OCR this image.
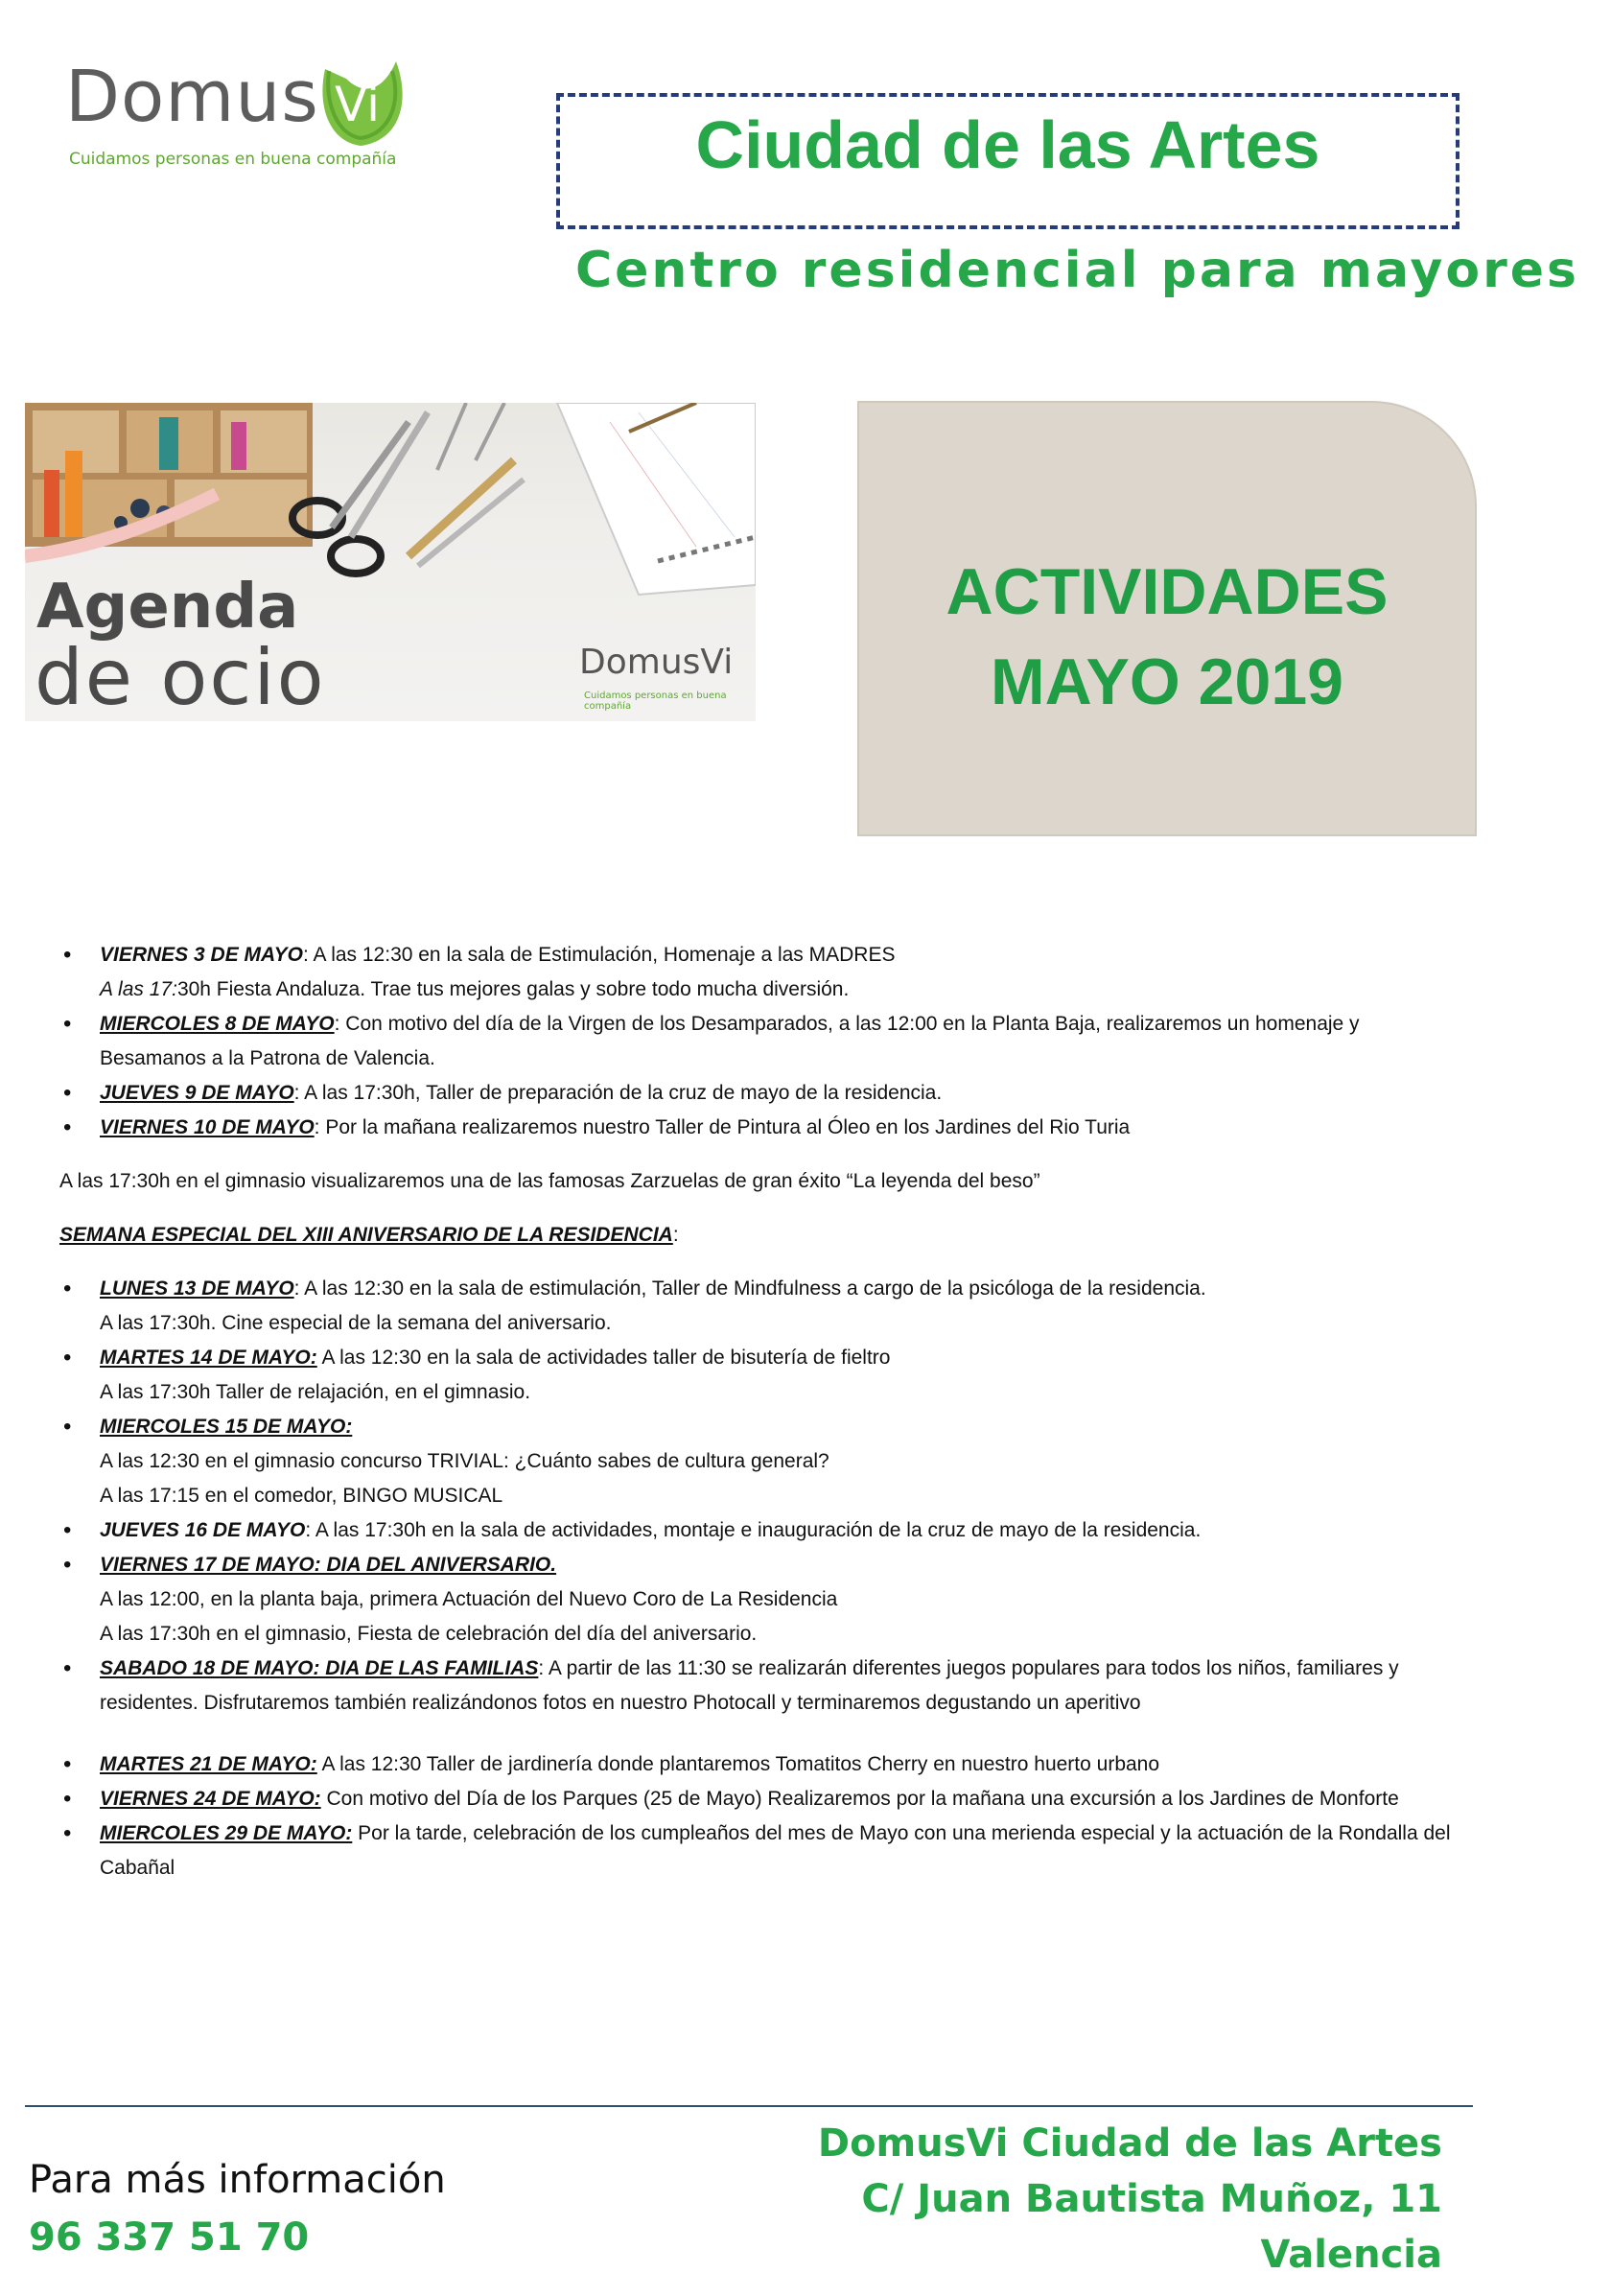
Domus Vi
Cuidamos personas en buena compañía	Ciudad de las Artes
Centro residencial para mayores
Agenda
de ocio	DomusVi
Cuidamos personas en buena compañía
ACTIVIDADES
MAYO 2019
• VIERNES 3 DE MAYO: A las 12:30 en la sala de Estimulación, Homenaje a las MADRES
A las 17:30h Fiesta Andaluza. Trae tus mejores galas y sobre todo mucha diversión.
• MIERCOLES 8 DE MAYO: Con motivo del día de la Virgen de los Desamparados, a las 12:00 en la Planta Baja, realizaremos un homenaje y Besamanos a la Patrona de Valencia.
• JUEVES 9 DE MAYO: A las 17:30h, Taller de preparación de la cruz de mayo de la residencia.
• VIERNES 10 DE MAYO: Por la mañana realizaremos nuestro Taller de Pintura al Óleo en los Jardines del Rio Turia

A las 17:30h en el gimnasio visualizaremos una de las famosas Zarzuelas de gran éxito “La leyenda del beso”

SEMANA ESPECIAL DEL XIII ANIVERSARIO DE LA RESIDENCIA:

• LUNES 13 DE MAYO: A las 12:30 en la sala de estimulación, Taller de Mindfulness a cargo de la psicóloga de la residencia.
A las 17:30h. Cine especial de la semana del aniversario.
• MARTES 14 DE MAYO: A las 12:30 en la sala de actividades taller de bisutería de fieltro
A las 17:30h Taller de relajación, en el gimnasio.
• MIERCOLES 15 DE MAYO:
A las 12:30 en el gimnasio concurso TRIVIAL: ¿Cuánto sabes de cultura general?
A las 17:15 en el comedor, BINGO MUSICAL
• JUEVES 16 DE MAYO: A las 17:30h en la sala de actividades, montaje e inauguración de la cruz de mayo de la residencia.
• VIERNES 17 DE MAYO: DIA DEL ANIVERSARIO.
A las 12:00, en la planta baja, primera Actuación del Nuevo Coro de La Residencia
A las 17:30h en el gimnasio, Fiesta de celebración del día del aniversario.
• SABADO 18 DE MAYO: DIA DE LAS FAMILIAS: A partir de las 11:30 se realizarán diferentes juegos populares para todos los niños, familiares y residentes. Disfrutaremos también realizándonos fotos en nuestro Photocall y terminaremos degustando un aperitivo
• MARTES 21 DE MAYO: A las 12:30 Taller de jardinería donde plantaremos Tomatitos Cherry en nuestro huerto urbano
• VIERNES 24 DE MAYO: Con motivo del Día de los Parques (25 de Mayo) Realizaremos por la mañana una excursión a los Jardines de Monforte
• MIERCOLES 29 DE MAYO: Por la tarde, celebración de los cumpleaños del mes de Mayo con una merienda especial y la actuación de la Rondalla del Cabañal
Para más información
96 337 51 70
DomusVi Ciudad de las Artes
C/ Juan Bautista Muñoz, 11
Valencia
